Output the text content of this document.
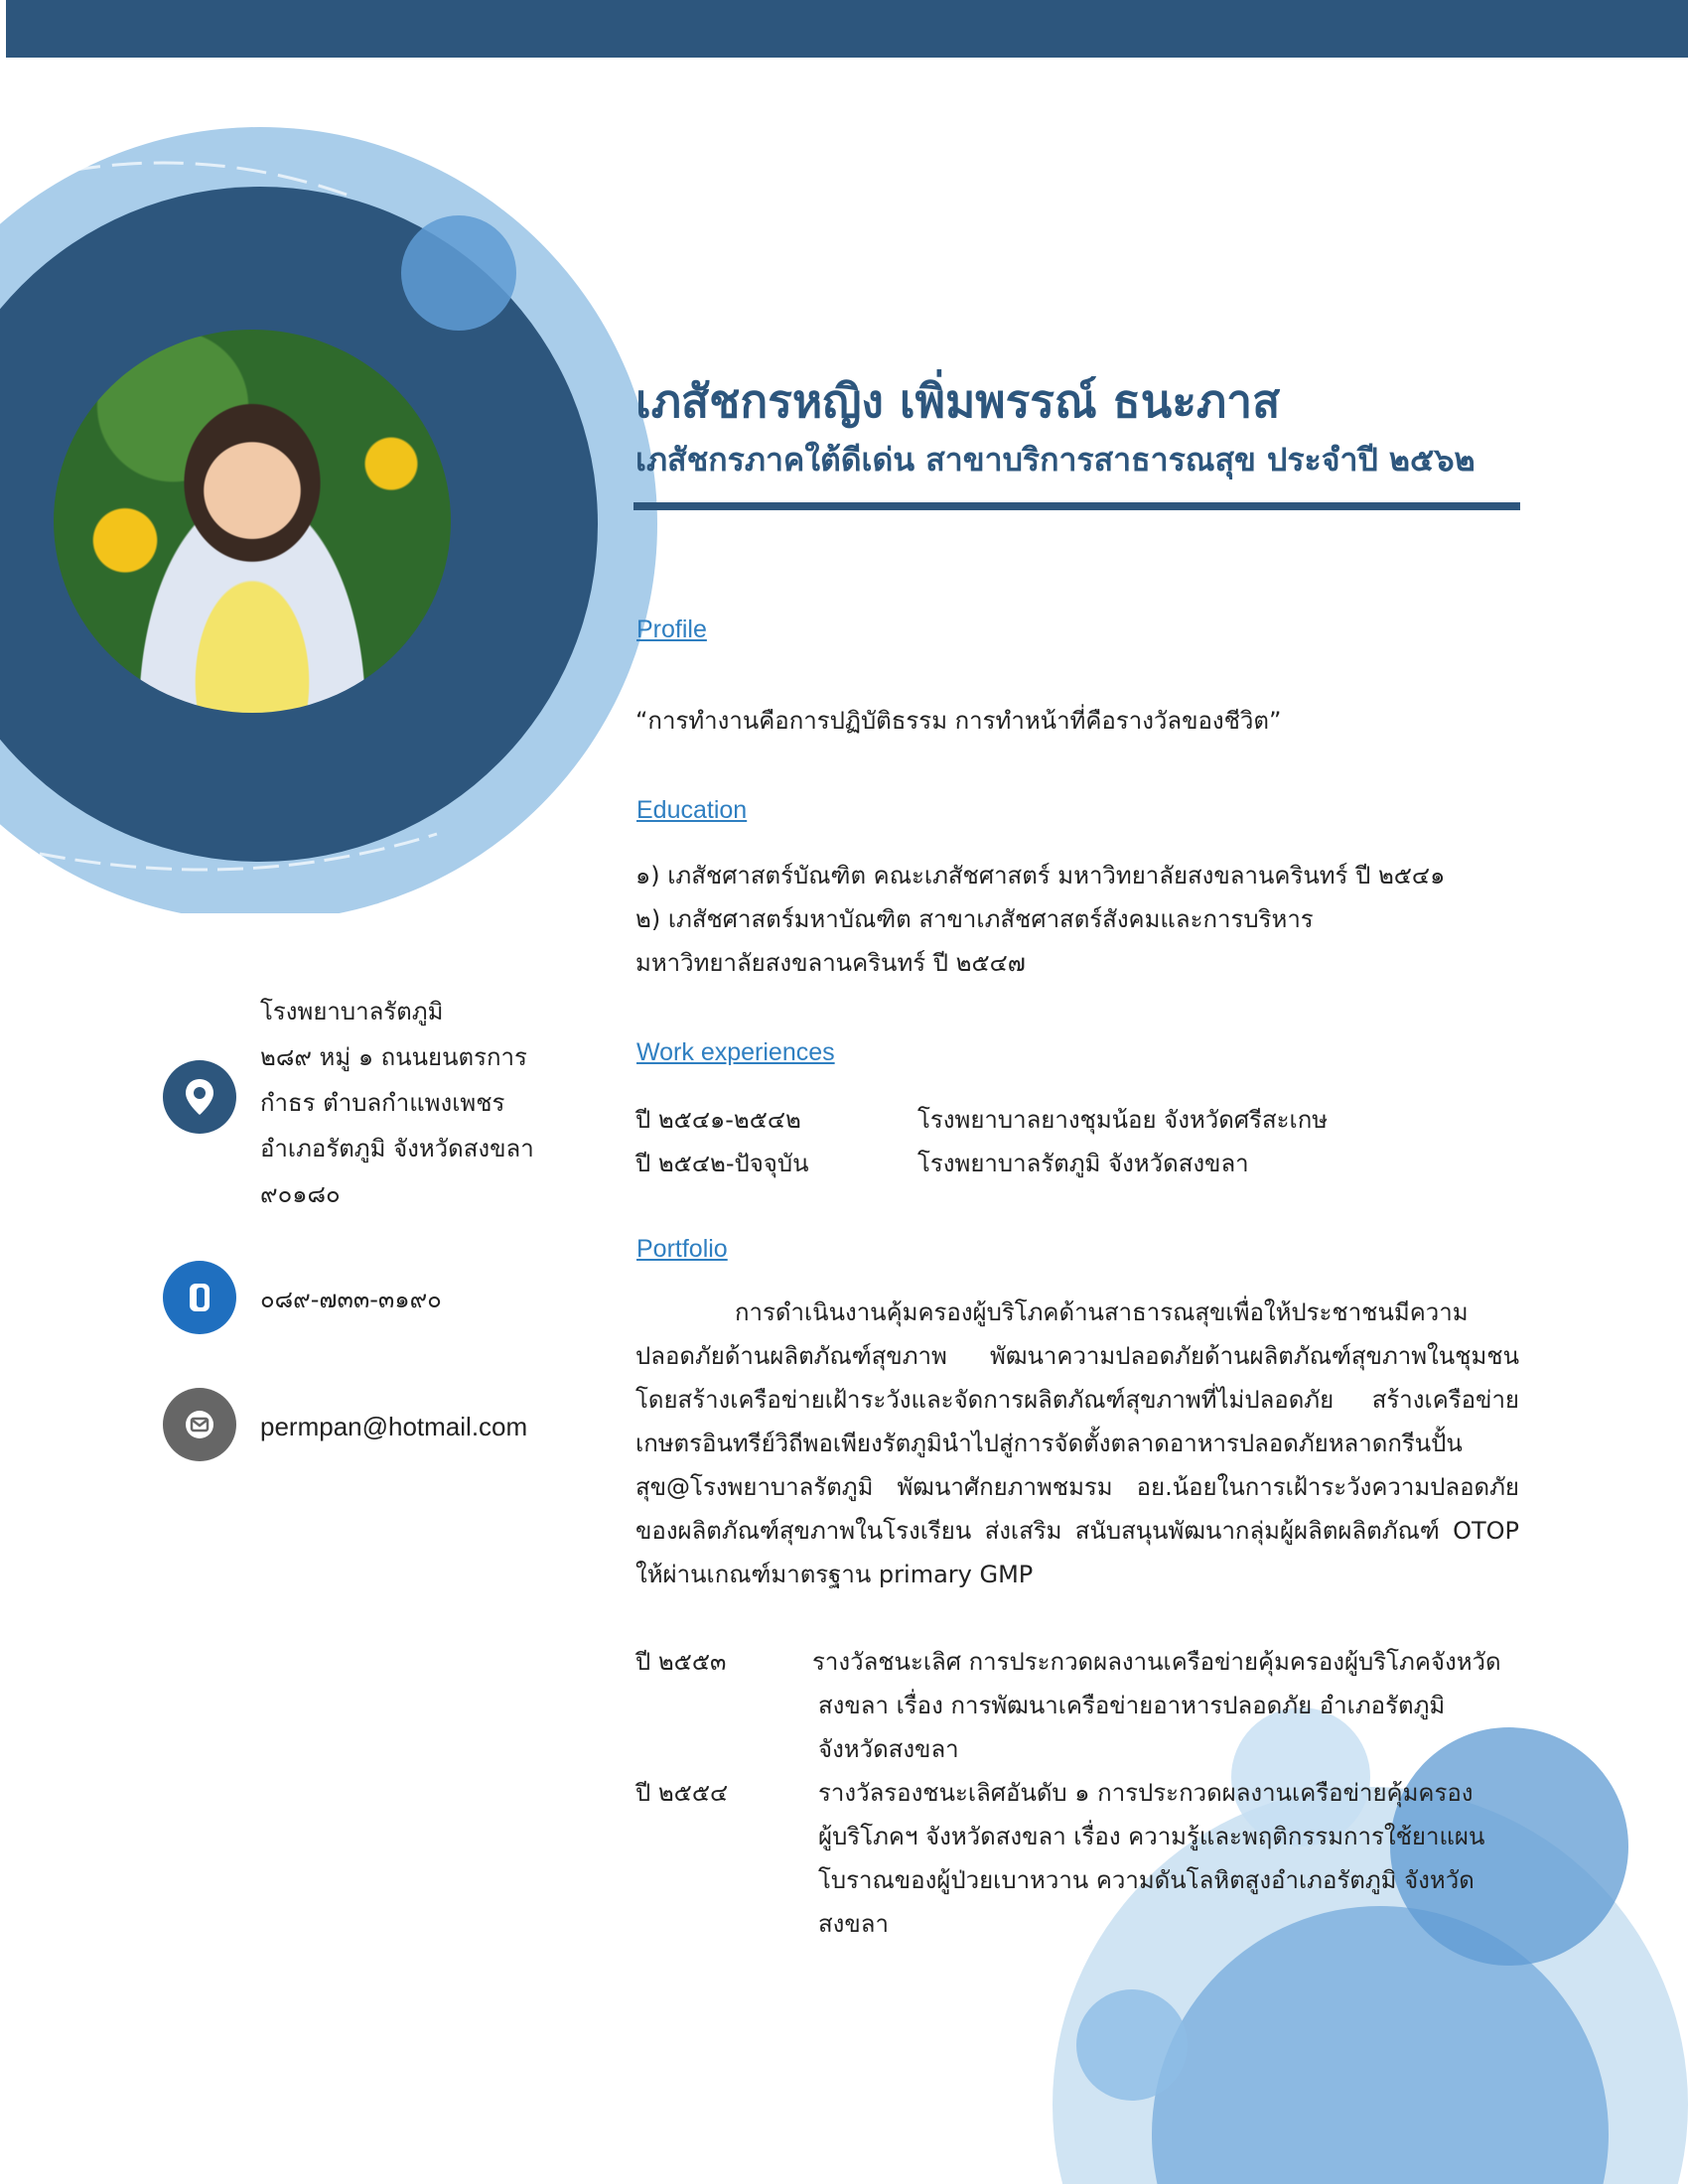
เภสัชกรหญิง เพิ่มพรรณ์ ธนะภาส
เภสัชกรภาคใต้ดีเด่น สาขาบริการสาธารณสุข ประจำปี ๒๕๖๒
โรงพยาบาลรัตภูมิ
๒๘๙ หมู่ ๑ ถนนยนตรการ
กำธร ตำบลกำแพงเพชร
อำเภอรัตภูมิ จังหวัดสงขลา
๙๐๑๘๐
๐๘๙-๗๓๓-๓๑๙๐
permpan@hotmail.com
Profile
“การทำงานคือการปฏิบัติธรรม การทำหน้าที่คือรางวัลของชีวิต”
Education
๑) เภสัชศาสตร์บัณฑิต คณะเภสัชศาสตร์ มหาวิทยาลัยสงขลานครินทร์ ปี ๒๕๔๑
๒) เภสัชศาสตร์มหาบัณฑิต สาขาเภสัชศาสตร์สังคมและการบริหาร
มหาวิทยาลัยสงขลานครินทร์ ปี ๒๕๔๗
Work experiences
ปี ๒๕๔๑-๒๕๔๒	โรงพยาบาลยางชุมน้อย จังหวัดศรีสะเกษ
ปี ๒๕๔๒-ปัจจุบัน	โรงพยาบาลรัตภูมิ จังหวัดสงขลา
Portfolio

การดำเนินงานคุ้มครองผู้บริโภคด้านสาธารณสุขเพื่อให้ประชาชนมีความปลอดภัยด้านผลิตภัณฑ์สุขภาพ พัฒนาความปลอดภัยด้านผลิตภัณฑ์สุขภาพในชุมชนโดยสร้างเครือข่ายเฝ้าระวังและจัดการผลิตภัณฑ์สุขภาพที่ไม่ปลอดภัย สร้างเครือข่ายเกษตรอินทรีย์วิถีพอเพียงรัตภูมินำไปสู่การจัดตั้งตลาดอาหารปลอดภัยหลาดกรีนปั้นสุข@โรงพยาบาลรัตภูมิ พัฒนาศักยภาพชมรม อย.น้อยในการเฝ้าระวังความปลอดภัยของผลิตภัณฑ์สุขภาพในโรงเรียน ส่งเสริม สนับสนุนพัฒนากลุ่มผู้ผลิตผลิตภัณฑ์ OTOP ให้ผ่านเกณฑ์มาตรฐาน primary GMP

ปี ๒๕๕๓	รางวัลชนะเลิศ การประกวดผลงานเครือข่ายคุ้มครองผู้บริโภคจังหวัด
สงขลา เรื่อง การพัฒนาเครือข่ายอาหารปลอดภัย อำเภอรัตภูมิ
จังหวัดสงขลา
ปี ๒๕๕๔	รางวัลรองชนะเลิศอันดับ ๑ การประกวดผลงานเครือข่ายคุ้มครอง
ผู้บริโภคฯ จังหวัดสงขลา เรื่อง ความรู้และพฤติกรรมการใช้ยาแผน
โบราณของผู้ป่วยเบาหวาน ความดันโลหิตสูงอำเภอรัตภูมิ จังหวัด
สงขลา
